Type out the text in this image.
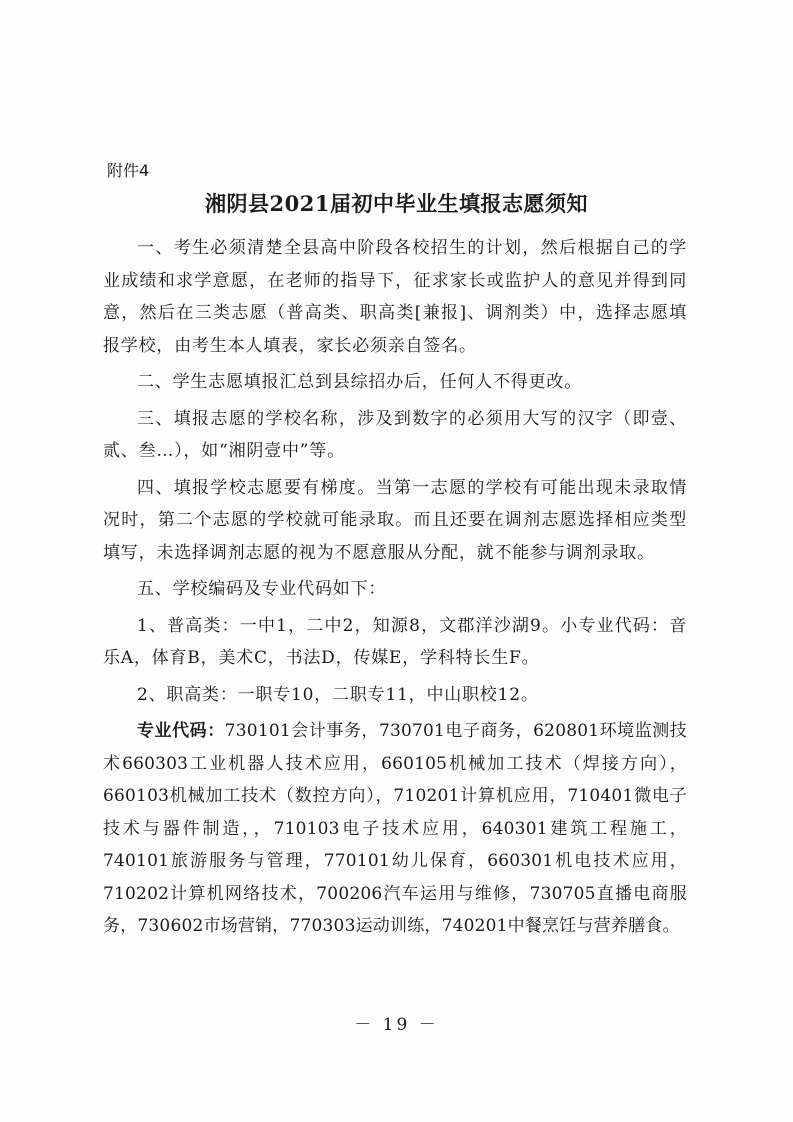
附件4
湘阴县2021届初中毕业生填报志愿须知

一、考生必须清楚全县高中阶段各校招生的计划，然后根据自己的学业成绩和求学意愿，在老师的指导下，征求家长或监护人的意见并得到同意，然后在三类志愿（普高类、职高类[兼报]、调剂类）中，选择志愿填报学校，由考生本人填表，家长必须亲自签名。

二、学生志愿填报汇总到县综招办后，任何人不得更改。

三、填报志愿的学校名称，涉及到数字的必须用大写的汉字（即壹、贰、叁…），如“湘阴壹中”等。

四、填报学校志愿要有梯度。当第一志愿的学校有可能出现未录取情况时，第二个志愿的学校就可能录取。而且还要在调剂志愿选择相应类型填写，未选择调剂志愿的视为不愿意服从分配，就不能参与调剂录取。

五、学校编码及专业代码如下：

1、普高类：一中1，二中2，知源8，文郡洋沙湖9。小专业代码：音乐A，体育B，美术C，书法D，传媒E，学科特长生F。

2、职高类：一职专10，二职专11，中山职校12。

专业代码：730101会计事务，730701电子商务，620801环境监测技术660303工业机器人技术应用，660105机械加工技术（焊接方向），660103机械加工技术（数控方向），710201计算机应用，710401微电子技术与器件制造，，710103电子技术应用，640301建筑工程施工，740101旅游服务与管理，770101幼儿保育，660301机电技术应用，710202计算机网络技术，700206汽车运用与维修，730705直播电商服务，730602市场营销，770303运动训练，740201中餐烹饪与营养膳食。

－ 19 －
